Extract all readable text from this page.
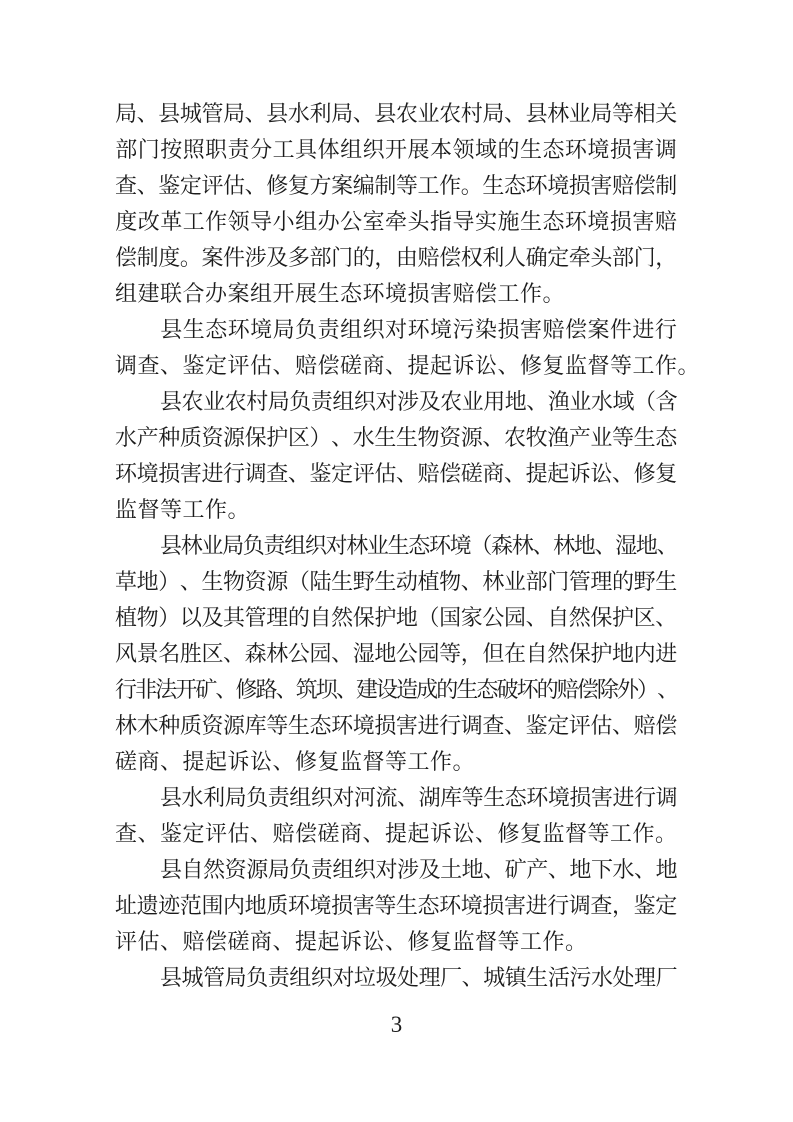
局 、 县 城 管 局 、 县 水 利 局 、 县 农 业 农 村 局 、 县 林 业 局 等 相 关
部 门 按 照 职 责 分 工 具 体 组 织 开 展 本 领 域 的 生 态 环 境 损 害 调
查 、 鉴 定 评 估 、 修 复 方 案 编 制 等 工 作 。 生 态 环 境 损 害 赔 偿 制
度 改 革 工 作 领 导 小 组 办 公 室 牵 头 指 导 实 施 生 态 环 境 损 害 赔
偿 制 度 。 案 件 涉 及 多 部 门 的 ， 由 赔 偿 权 利 人 确 定 牵 头 部 门 ，
组建联合办案组开展生态环境损害赔偿工作。
县 生 态 环 境 局 负 责 组 织 对 环 境 污 染 损 害 赔 偿 案 件 进 行
调查、鉴定评估、赔偿磋商、提起诉讼、修复监督等工作。
县 农 业 农 村 局 负 责 组 织 对 涉 及 农 业 用 地 、 渔 业 水 域 （ 含
水 产 种 质 资 源 保 护 区 ） 、 水 生 生 物 资 源 、 农 牧 渔 产 业 等 生 态
环 境 损 害 进 行 调 查 、 鉴 定 评 估 、 赔 偿 磋 商 、 提 起 诉 讼 、 修 复
监督等工作。
县
林
业
局
负
责
组
织
对
林
业
生
态
环
境
（
森
林
、
林
地
、
湿
地
、
草 地 ） 、 生 物 资 源 （ 陆 生 野 生 动 植 物 、 林 业 部 门 管 理 的 野 生
植 物 ） 以 及 其 管 理 的 自 然 保 护 地 （ 国 家 公 园 、 自 然 保 护 区 、
风 景 名 胜 区 、 森 林 公 园 、 湿 地 公 园 等 ， 但 在 自 然 保 护 地 内 进
行
非
法
开
矿
、
修
路
、
筑
坝
、
建
设
造
成
的
生
态
破
坏
的
赔
偿
除
外
）
、
林 木 种 质 资 源 库 等 生 态 环 境 损 害 进 行 调 查 、 鉴 定 评 估 、 赔 偿
磋商、提起诉讼、修复监督等工作。
县 水 利 局 负 责 组 织 对 河 流 、 湖 库 等 生 态 环 境 损 害 进 行 调
查、鉴定评估、赔偿磋商、提起诉讼、修复监督等工作。
县 自 然 资 源 局 负 责 组 织 对 涉 及 土 地 、 矿 产 、 地 下 水 、 地
址 遗 迹 范 围 内 地 质 环 境 损 害 等 生 态 环 境 损 害 进 行 调 查 ， 鉴 定
评估、赔偿磋商、提起诉讼、修复监督等工作。
县 城 管 局 负 责 组 织 对 垃 圾 处 理 厂 、 城 镇 生 活 污 水 处 理 厂
3
